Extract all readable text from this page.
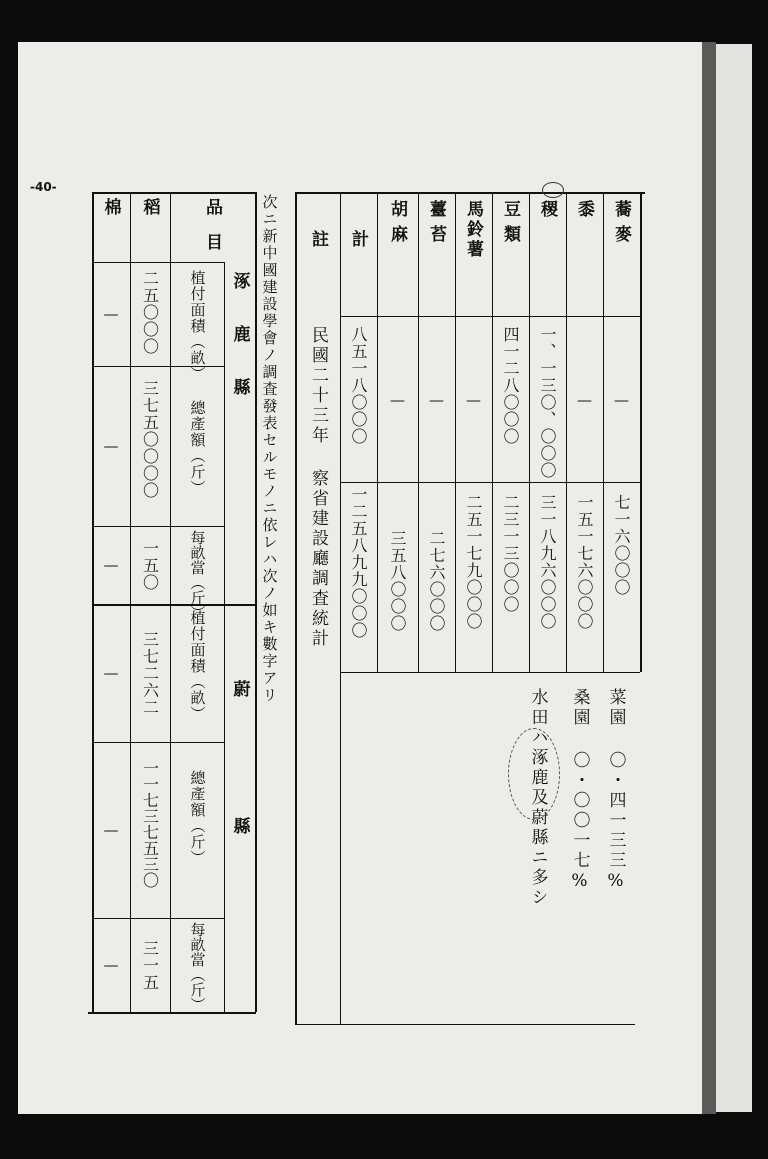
-40-
蕎麥
黍
稷
豆類
馬鈴薯
薹苔
胡麻
計
註
—
—
一、一三〇、〇〇〇
四一二八〇〇〇
—
—
—
八五一八〇〇〇
七一六〇〇〇
一五一七六〇〇〇
三一八九六〇〇〇
二三一三〇〇〇
二五一七九〇〇〇
二七六〇〇〇
三五八〇〇〇
一二五八九九〇〇〇
民國二十三年 察省建設廳調査統計
菜園 〇・四一三三%
桑園 〇・〇〇一七%
水田ハ涿鹿及蔚縣ニ多シ
次ニ新中國建設學會ノ調査發表セルモノニ依レハ次ノ如キ數字アリ
品目
稻
棉
涿鹿縣
蔚縣
植付面積（畝）
總產額（斤）
每畝當（斤）
植付面積（畝）
總產額（斤）
每畝當（斤）
二五〇〇〇
三七五〇〇〇〇
一五〇
三七二六二
一一七三七五三〇
三一五
—
—
—
—
—
—
